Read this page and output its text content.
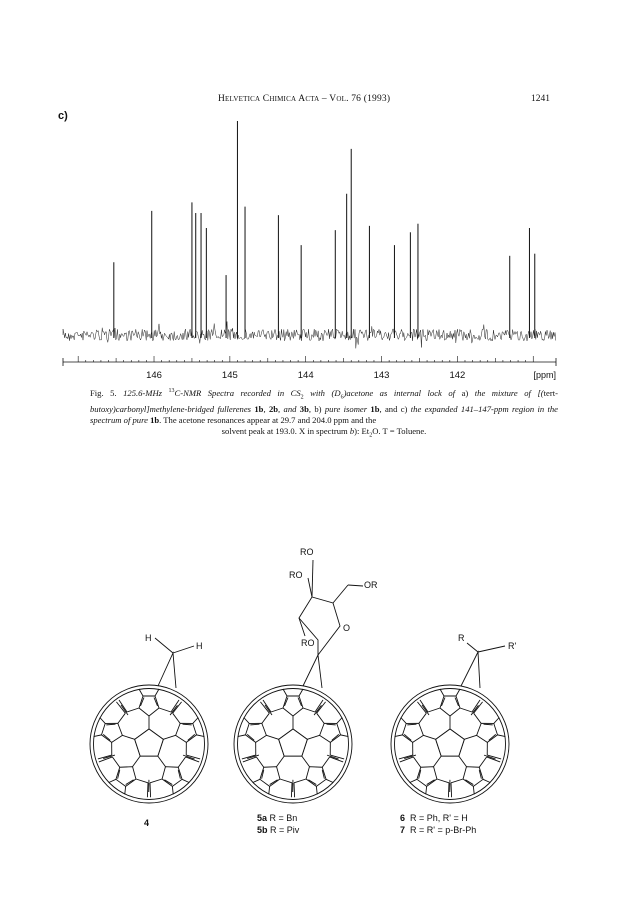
Helvetica Chimica Acta – Vol. 76 (1993)	1241
c)
146	145	144	143	142	[ppm]
Fig. 5. 125.6-MHz $^{13}$C-NMR Spectra recorded in $CS_2$ with $(D_6)acetone$ as internal lock of a) the mixture of [(tert-butoxy)carbonyl]methylene-bridged fullerenes 1b, 2b, and 3b, b) pure isomer 1b, and c) the expanded 141–147-ppm region in the spectrum of pure 1b. The acetone resonances appear at 29.7 and 204.0 ppm and the
solvent peak at 193.0. X in spectrum b): $Et_2O$. T = Toluene.
H
H
4
RO
RO
OR
RO
O
5a R = Bn
5b R = Piv
R
R'
6 R = Ph, R' = H
7 R = R' = p-Br-Ph
